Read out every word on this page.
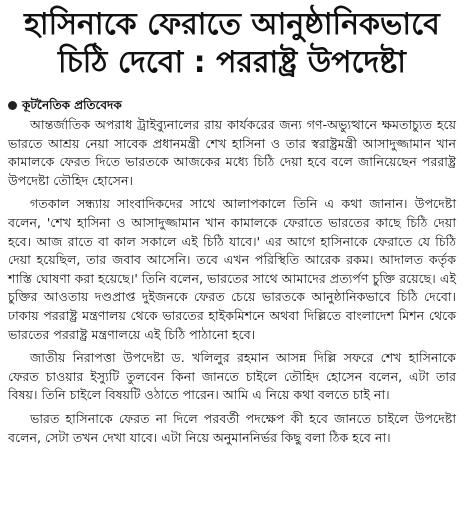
হাসিনাকে ফেরাতে আনুষ্ঠানিকভাবে
চিঠি দেবো : পররাষ্ট্র উপদেষ্টা
কূটনৈতিক প্রতিবেদক

আন্তর্জাতিক অপরাধ ট্রাইব্যুনালের রায় কার্যকরের জন্য গণ-অভ্যুত্থানে ক্ষমতাচ্যুত হয়ে ভারতে আশ্রয় নেয়া সাবেক প্রধানমন্ত্রী শেখ হাসিনা ও তার স্বরাষ্ট্রমন্ত্রী আসাদুজ্জামান খান কামালকে ফেরত দিতে ভারতকে আজকের মধ্যে চিঠি দেয়া হবে বলে জানিয়েছেন পররাষ্ট্র উপদেষ্টা তৌহিদ হোসেন।

গতকাল সন্ধ্যায় সাংবাদিকদের সাথে আলাপকালে তিনি এ কথা জানান। উপদেষ্টা বলেন, 'শেখ হাসিনা ও আসাদুজ্জামান খান কামালকে ফেরাতে ভারতের কাছে চিঠি দেয়া হবে। আজ রাতে বা কাল সকালে এই চিঠি যাবে।' এর আগে হাসিনাকে ফেরাতে যে চিঠি দেয়া হয়েছিল, তার জবাব আসেনি। তবে এখন পরিস্থিতি আরেক রকম। আদালত কর্তৃক শাস্তি ঘোষণা করা হয়েছে।' তিনি বলেন, ভারতের সাথে আমাদের প্রত্যর্পণ চুক্তি রয়েছে। এই চুক্তির আওতায় দণ্ডপ্রাপ্ত দুইজনকে ফেরত চেয়ে ভারতকে আনুষ্ঠানিকভাবে চিঠি দেবো। ঢাকায় পররাষ্ট্র মন্ত্রণালয় থেকে ভারতের হাইকমিশনে অথবা দিল্লিতে বাংলাদেশ মিশন থেকে ভারতের পররাষ্ট্র মন্ত্রণালয়ে এই চিঠি পাঠানো হবে।

জাতীয় নিরাপত্তা উপদেষ্টা ড. খলিলুর রহমান আসন্ন দিল্লি সফরে শেখ হাসিনাকে ফেরত চাওয়ার ইস্যুটি তুলবেন কিনা জানতে চাইলে তৌহিদ হোসেন বলেন, এটা তার বিষয়। তিনি চাইলে বিষয়টি ওঠাতে পারেন। আমি এ নিয়ে কথা বলতে চাই না।

ভারত হাসিনাকে ফেরত না দিলে পরবর্তী পদক্ষেপ কী হবে জানতে চাইলে উপদেষ্টা বলেন, সেটা তখন দেখা যাবে। এটা নিয়ে অনুমাননির্ভর কিছু বলা ঠিক হবে না।
